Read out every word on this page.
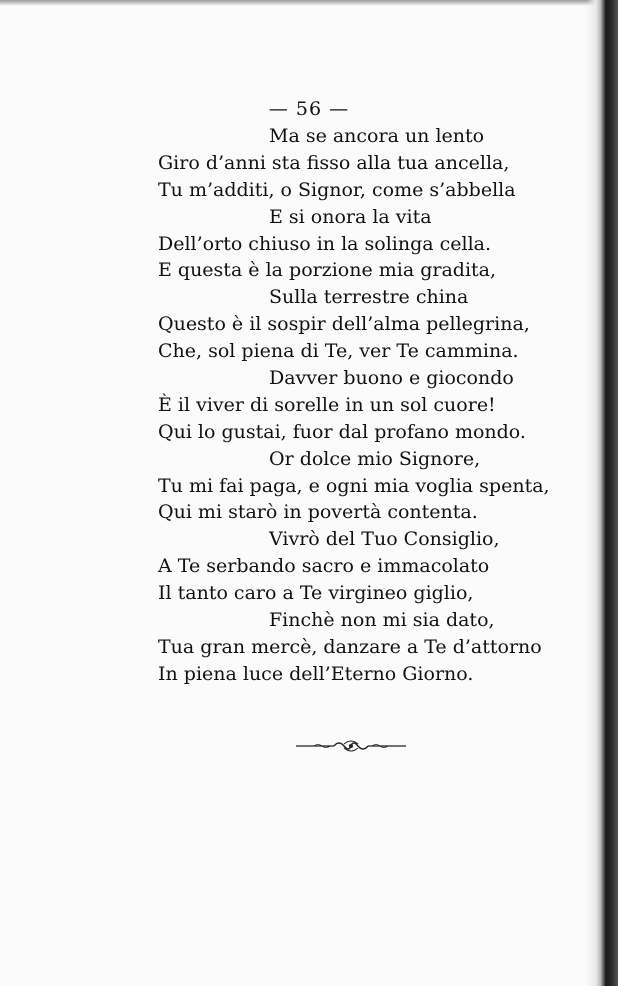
— 56 —
Ma se ancora un lento
Giro d’anni sta fisso alla tua ancella,
Tu m’additi, o Signor, come s’abbella
E si onora la vita
Dell’orto chiuso in la solinga cella.
E questa è la porzione mia gradita,
Sulla terrestre china
Questo è il sospir dell’alma pellegrina,
Che, sol piena di Te, ver Te cammina.
Davver buono e giocondo
È il viver di sorelle in un sol cuore!
Qui lo gustai, fuor dal profano mondo.
Or dolce mio Signore,
Tu mi fai paga, e ogni mia voglia spenta,
Qui mi starò in povertà contenta.
Vivrò del Tuo Consiglio,
A Te serbando sacro e immacolato
Il tanto caro a Te virgineo giglio,
Finchè non mi sia dato,
Tua gran mercè, danzare a Te d’attorno
In piena luce dell’Eterno Giorno.
